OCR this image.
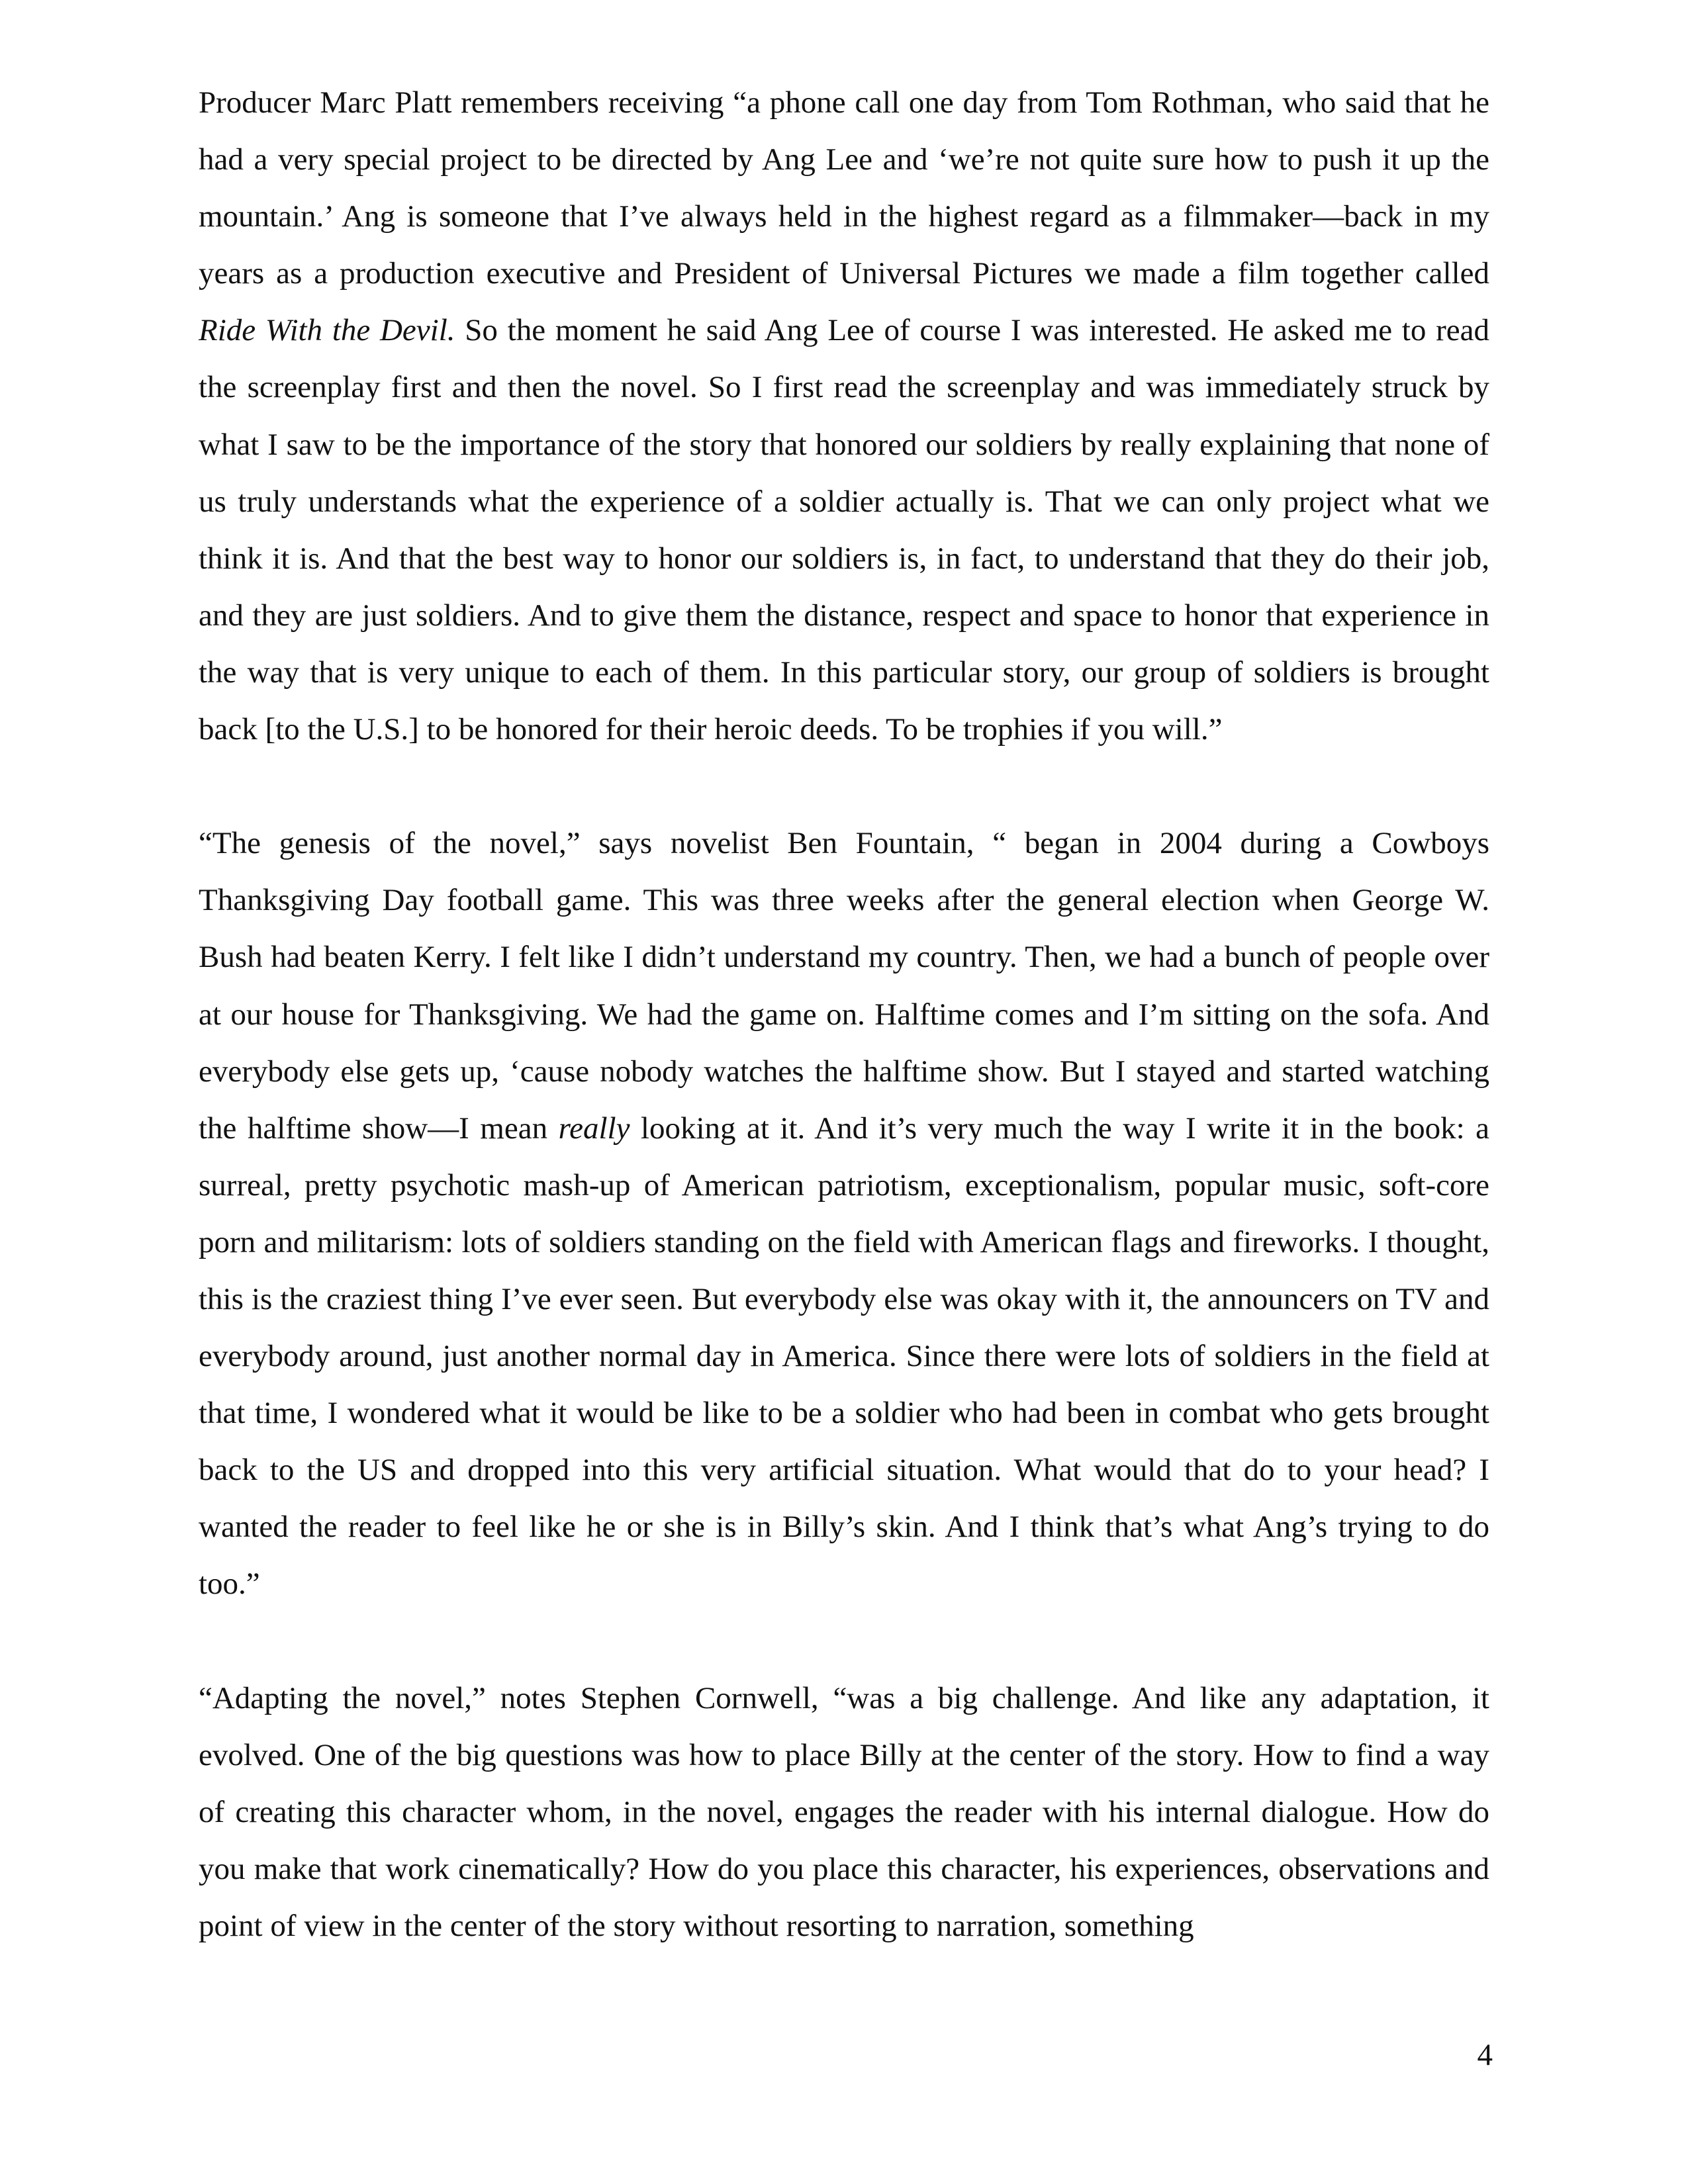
Producer Marc Platt remembers receiving “a phone call one day from Tom Rothman, who said that he had a very special project to be directed by Ang Lee and ‘we’re not quite sure how to push it up the mountain.’ Ang is someone that I’ve always held in the highest regard as a filmmaker—back in my years as a production executive and President of Universal Pictures we made a film together called Ride With the Devil. So the moment he said Ang Lee of course I was interested. He asked me to read the screenplay first and then the novel. So I first read the screenplay and was immediately struck by what I saw to be the importance of the story that honored our soldiers by really explaining that none of us truly understands what the experience of a soldier actually is. That we can only project what we think it is. And that the best way to honor our soldiers is, in fact, to understand that they do their job, and they are just soldiers. And to give them the distance, respect and space to honor that experience in the way that is very unique to each of them. In this particular story, our group of soldiers is brought back [to the U.S.] to be honored for their heroic deeds. To be trophies if you will.”

“The genesis of the novel,” says novelist Ben Fountain, “ began in 2004 during a Cowboys Thanksgiving Day football game. This was three weeks after the general election when George W. Bush had beaten Kerry. I felt like I didn’t understand my country. Then, we had a bunch of people over at our house for Thanksgiving. We had the game on. Halftime comes and I’m sitting on the sofa. And everybody else gets up, ‘cause nobody watches the halftime show. But I stayed and started watching the halftime show—I mean really looking at it. And it’s very much the way I write it in the book: a surreal, pretty psychotic mash-up of American patriotism, exceptionalism, popular music, soft-core porn and militarism: lots of soldiers standing on the field with American flags and fireworks. I thought, this is the craziest thing I’ve ever seen. But everybody else was okay with it, the announcers on TV and everybody around, just another normal day in America. Since there were lots of soldiers in the field at that time, I wondered what it would be like to be a soldier who had been in combat who gets brought back to the US and dropped into this very artificial situation. What would that do to your head? I wanted the reader to feel like he or she is in Billy’s skin. And I think that’s what Ang’s trying to do too.”

“Adapting the novel,” notes Stephen Cornwell, “was a big challenge. And like any adaptation, it evolved. One of the big questions was how to place Billy at the center of the story. How to find a way of creating this character whom, in the novel, engages the reader with his internal dialogue. How do you make that work cinematically? How do you place this character, his experiences, observations and point of view in the center of the story without resorting to narration, something

4
